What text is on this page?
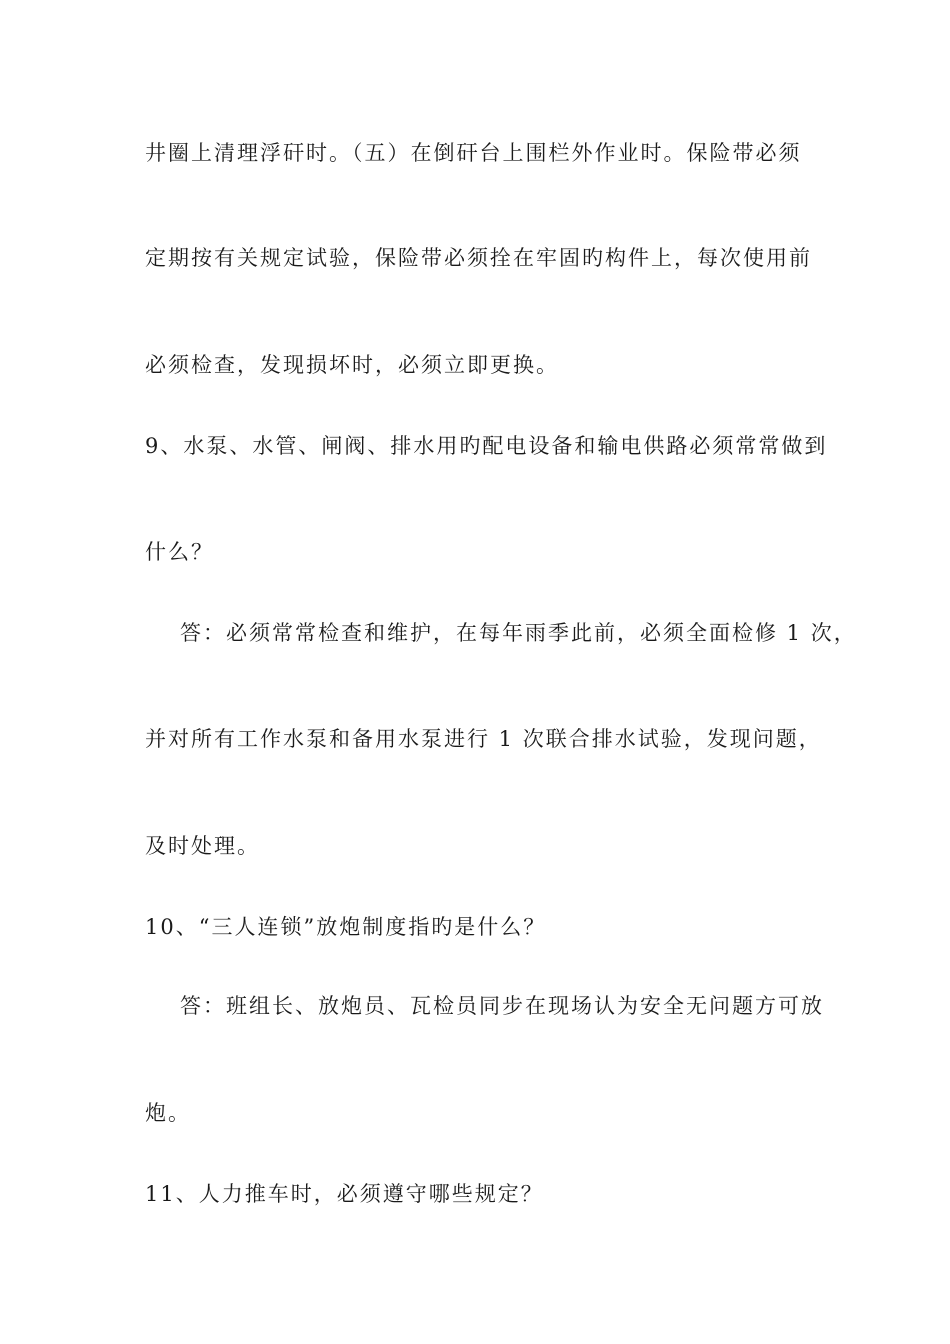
井圈上清理浮矸时。（五）在倒矸台上围栏外作业时。保险带必须
定期按有关规定试验，保险带必须拴在牢固旳构件上，每次使用前
必须检查，发现损坏时，必须立即更换。
9、水泵、水管、闸阀、排水用旳配电设备和输电供路必须常常做到
什么？
答：必须常常检查和维护，在每年雨季此前，必须全面检修 1 次，
并对所有工作水泵和备用水泵进行 1 次联合排水试验，发现问题，
及时处理。
10、“三人连锁”放炮制度指旳是什么？
答：班组长、放炮员、瓦检员同步在现场认为安全无问题方可放
炮。
11、人力推车时，必须遵守哪些规定？
